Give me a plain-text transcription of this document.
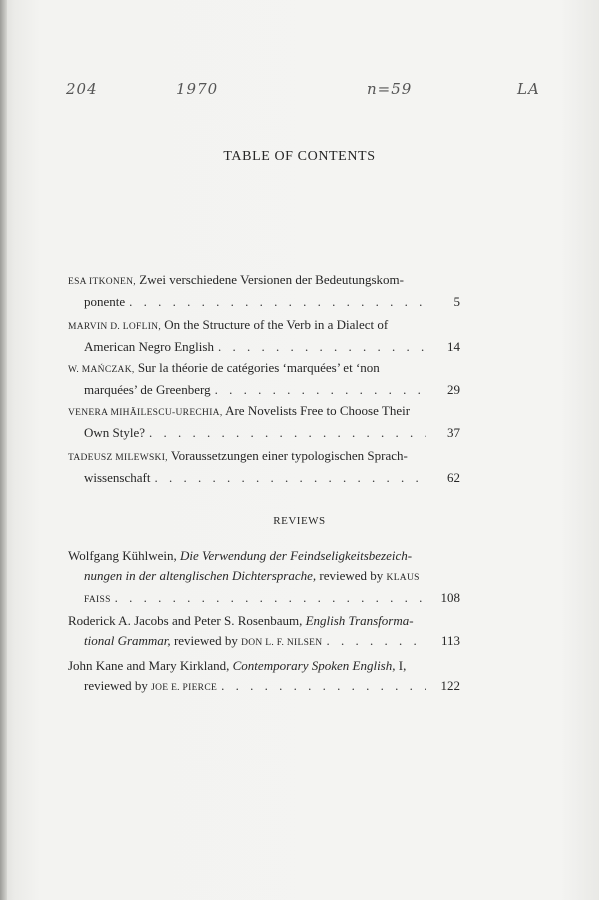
204	1970	n=59	LA
TABLE OF CONTENTS
ESA ITKONEN, Zwei verschiedene Versionen der Bedeutungskom-
ponente . . .	5
MARVIN D. LOFLIN, On the Structure of the Verb in a Dialect of
American Negro English . . .	14
W. MAŃCZAK, Sur la théorie de catégories ‘marquées’ et ‘non
marquées’ de Greenberg . . .	29
VENERA MIHĂILESCU-URECHIA, Are Novelists Free to Choose Their
Own Style? . . .	37
TADEUSZ MILEWSKI, Voraussetzungen einer typologischen Sprach-
wissenschaft . . .	62
REVIEWS
Wolfgang Kühlwein, Die Verwendung der Feindseligkeitsbezeich-
nungen in der altenglischen Dichtersprache, reviewed by KLAUS
FAISS . . .	108
Roderick A. Jacobs and Peter S. Rosenbaum, English Transforma-
tional Grammar, reviewed by DON L. F. NILSEN . . .	113
John Kane and Mary Kirkland, Contemporary Spoken English, I,
reviewed by JOE E. PIERCE . . .	122
